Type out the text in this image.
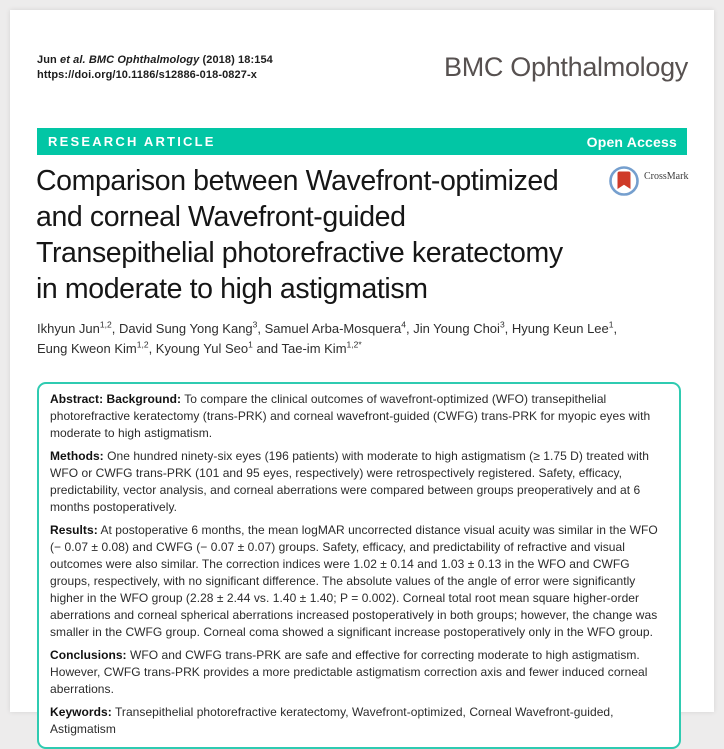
Jun et al. BMC Ophthalmology (2018) 18:154
https://doi.org/10.1186/s12886-018-0827-x	BMC Ophthalmology
RESEARCH ARTICLE	Open Access
Comparison between Wavefront-optimized
and corneal Wavefront-guided
Transepithelial photorefractive keratectomy
in moderate to high astigmatism
CrossMark
Ikhyun Jun$^{1,2}$, David Sung Yong Kang$^3$, Samuel Arba-Mosquera$^4$, Jin Young Choi$^3$, Hyung Keun Lee$^1$,
Eung Kweon Kim$^{1,2}$, Kyoung Yul Seo$^1$ and Tae-im Kim$^{1,2*}$

Abstract: Background: To compare the clinical outcomes of wavefront-optimized (WFO) transepithelial photorefractive keratectomy (trans-PRK) and corneal wavefront-guided (CWFG) trans-PRK for myopic eyes with moderate to high astigmatism.

Methods: One hundred ninety-six eyes (196 patients) with moderate to high astigmatism (≥ 1.75 D) treated with WFO or CWFG trans-PRK (101 and 95 eyes, respectively) were retrospectively registered. Safety, efficacy, predictability, vector analysis, and corneal aberrations were compared between groups preoperatively and at 6 months postoperatively.

Results: At postoperative 6 months, the mean logMAR uncorrected distance visual acuity was similar in the WFO (− 0.07 ± 0.08) and CWFG (− 0.07 ± 0.07) groups. Safety, efficacy, and predictability of refractive and visual outcomes were also similar. The correction indices were 1.02 ± 0.14 and 1.03 ± 0.13 in the WFO and CWFG groups, respectively, with no significant difference. The absolute values of the angle of error were significantly higher in the WFO group (2.28 ± 2.44 vs. 1.40 ± 1.40; P = 0.002). Corneal total root mean square higher-order aberrations and corneal spherical aberrations increased postoperatively in both groups; however, the change was smaller in the CWFG group. Corneal coma showed a significant increase postoperatively only in the WFO group.

Conclusions: WFO and CWFG trans-PRK are safe and effective for correcting moderate to high astigmatism. However, CWFG trans-PRK provides a more predictable astigmatism correction axis and fewer induced corneal aberrations.

Keywords: Transepithelial photorefractive keratectomy, Wavefront-optimized, Corneal Wavefront-guided, Astigmatism
